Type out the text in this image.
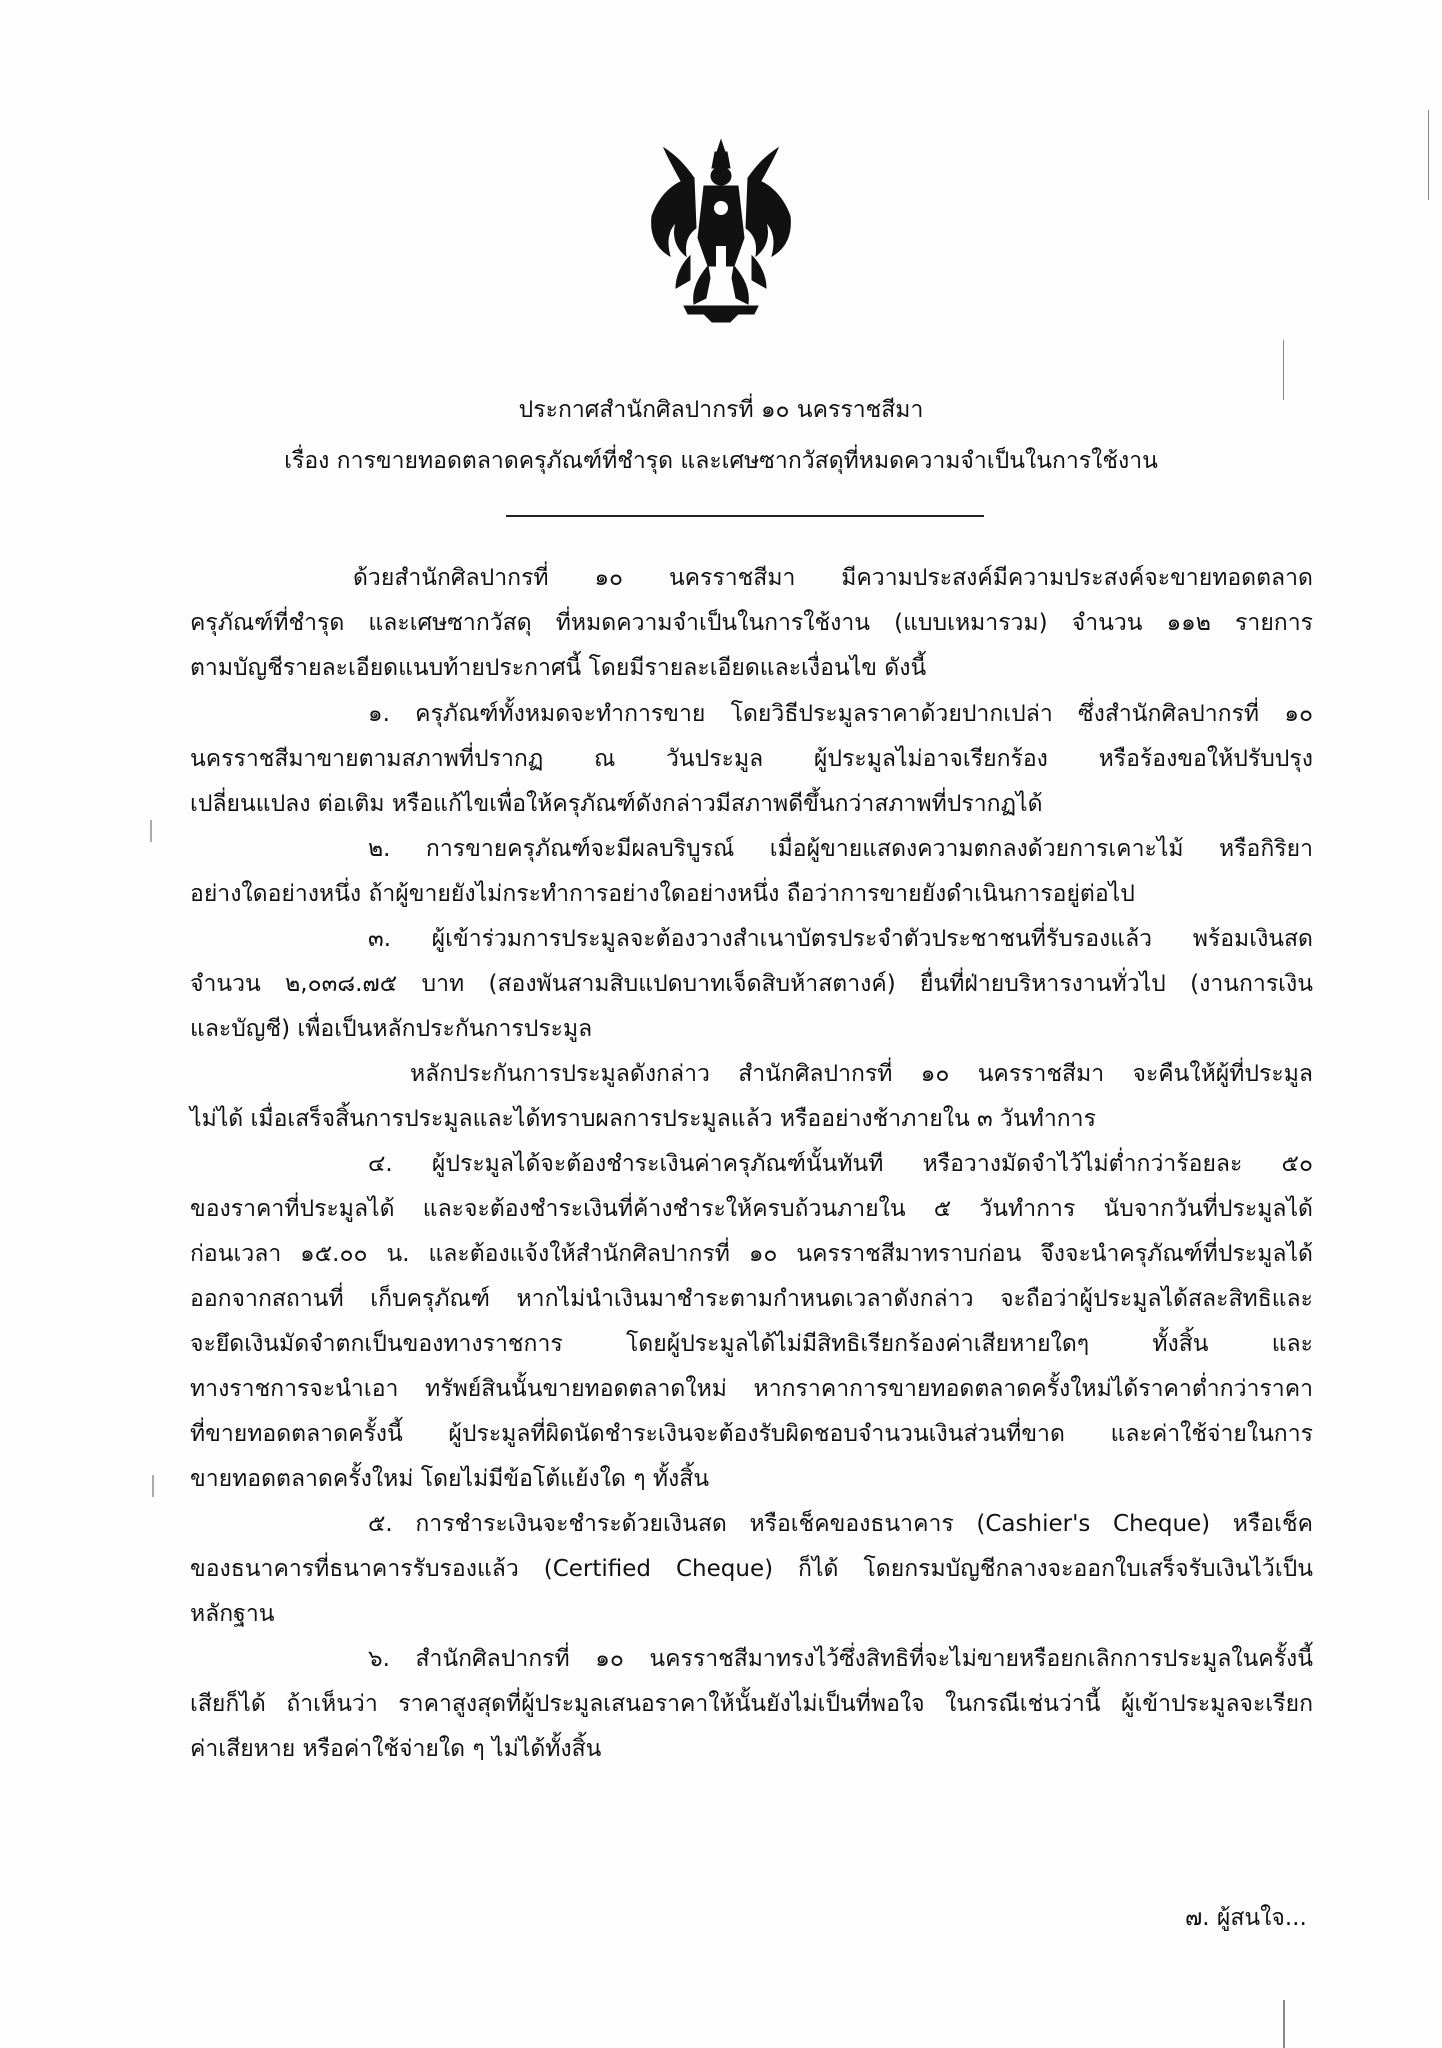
ประกาศสำนักศิลปากรที่ ๑๐ นครราชสีมา
เรื่อง การขายทอดตลาดครุภัณฑ์ที่ชำรุด และเศษซากวัสดุที่หมดความจำเป็นในการใช้งาน
ด้วยสำนักศิลปากรที่ ๑๐ นครราชสีมา มีความประสงค์มีความประสงค์จะขายทอดตลาด
ครุภัณฑ์ที่ชำรุด และเศษซากวัสดุ ที่หมดความจำเป็นในการใช้งาน (แบบเหมารวม) จำนวน ๑๑๒ รายการ
ตามบัญชีรายละเอียดแนบท้ายประกาศนี้ โดยมีรายละเอียดและเงื่อนไข ดังนี้
๑. ครุภัณฑ์ทั้งหมดจะทำการขาย โดยวิธีประมูลราคาด้วยปากเปล่า ซึ่งสำนักศิลปากรที่ ๑๐
นครราชสีมาขายตามสภาพที่ปรากฏ ณ วันประมูล ผู้ประมูลไม่อาจเรียกร้อง หรือร้องขอให้ปรับปรุง
เปลี่ยนแปลง ต่อเติม หรือแก้ไขเพื่อให้ครุภัณฑ์ดังกล่าวมีสภาพดีขึ้นกว่าสภาพที่ปรากฏได้
๒. การขายครุภัณฑ์จะมีผลบริบูรณ์ เมื่อผู้ขายแสดงความตกลงด้วยการเคาะไม้ หรือกิริยา
อย่างใดอย่างหนึ่ง ถ้าผู้ขายยังไม่กระทำการอย่างใดอย่างหนึ่ง ถือว่าการขายยังดำเนินการอยู่ต่อไป
๓. ผู้เข้าร่วมการประมูลจะต้องวางสำเนาบัตรประจำตัวประชาชนที่รับรองแล้ว พร้อมเงินสด
จำนวน ๒,๐๓๘.๗๕ บาท (สองพันสามสิบแปดบาทเจ็ดสิบห้าสตางค์) ยื่นที่ฝ่ายบริหารงานทั่วไป (งานการเงิน
และบัญชี) เพื่อเป็นหลักประกันการประมูล
หลักประกันการประมูลดังกล่าว สำนักศิลปากรที่ ๑๐ นครราชสีมา จะคืนให้ผู้ที่ประมูล
ไม่ได้ เมื่อเสร็จสิ้นการประมูลและได้ทราบผลการประมูลแล้ว หรืออย่างช้าภายใน ๓ วันทำการ
๔. ผู้ประมูลได้จะต้องชำระเงินค่าครุภัณฑ์นั้นทันที หรือวางมัดจำไว้ไม่ต่ำกว่าร้อยละ ๕๐
ของราคาที่ประมูลได้ และจะต้องชำระเงินที่ค้างชำระให้ครบถ้วนภายใน ๕ วันทำการ นับจากวันที่ประมูลได้
ก่อนเวลา ๑๕.๐๐ น. และต้องแจ้งให้สำนักศิลปากรที่ ๑๐ นครราชสีมาทราบก่อน จึงจะนำครุภัณฑ์ที่ประมูลได้
ออกจากสถานที่ เก็บครุภัณฑ์ หากไม่นำเงินมาชำระตามกำหนดเวลาดังกล่าว จะถือว่าผู้ประมูลได้สละสิทธิและ
จะยึดเงินมัดจำตกเป็นของทางราชการ โดยผู้ประมูลได้ไม่มีสิทธิเรียกร้องค่าเสียหายใดๆ ทั้งสิ้น และ
ทางราชการจะนำเอา ทรัพย์สินนั้นขายทอดตลาดใหม่ หากราคาการขายทอดตลาดครั้งใหม่ได้ราคาต่ำกว่าราคา
ที่ขายทอดตลาดครั้งนี้ ผู้ประมูลที่ผิดนัดชำระเงินจะต้องรับผิดชอบจำนวนเงินส่วนที่ขาด และค่าใช้จ่ายในการ
ขายทอดตลาดครั้งใหม่ โดยไม่มีข้อโต้แย้งใด ๆ ทั้งสิ้น
๕. การชำระเงินจะชำระด้วยเงินสด หรือเช็คของธนาคาร (Cashier's Cheque) หรือเช็ค
ของธนาคารที่ธนาคารรับรองแล้ว (Certified Cheque) ก็ได้ โดยกรมบัญชีกลางจะออกใบเสร็จรับเงินไว้เป็น
หลักฐาน
๖. สำนักศิลปากรที่ ๑๐ นครราชสีมาทรงไว้ซึ่งสิทธิที่จะไม่ขายหรือยกเลิกการประมูลในครั้งนี้
เสียก็ได้ ถ้าเห็นว่า ราคาสูงสุดที่ผู้ประมูลเสนอราคาให้นั้นยังไม่เป็นที่พอใจ ในกรณีเช่นว่านี้ ผู้เข้าประมูลจะเรียก
ค่าเสียหาย หรือค่าใช้จ่ายใด ๆ ไม่ได้ทั้งสิ้น
๗. ผู้สนใจ...
